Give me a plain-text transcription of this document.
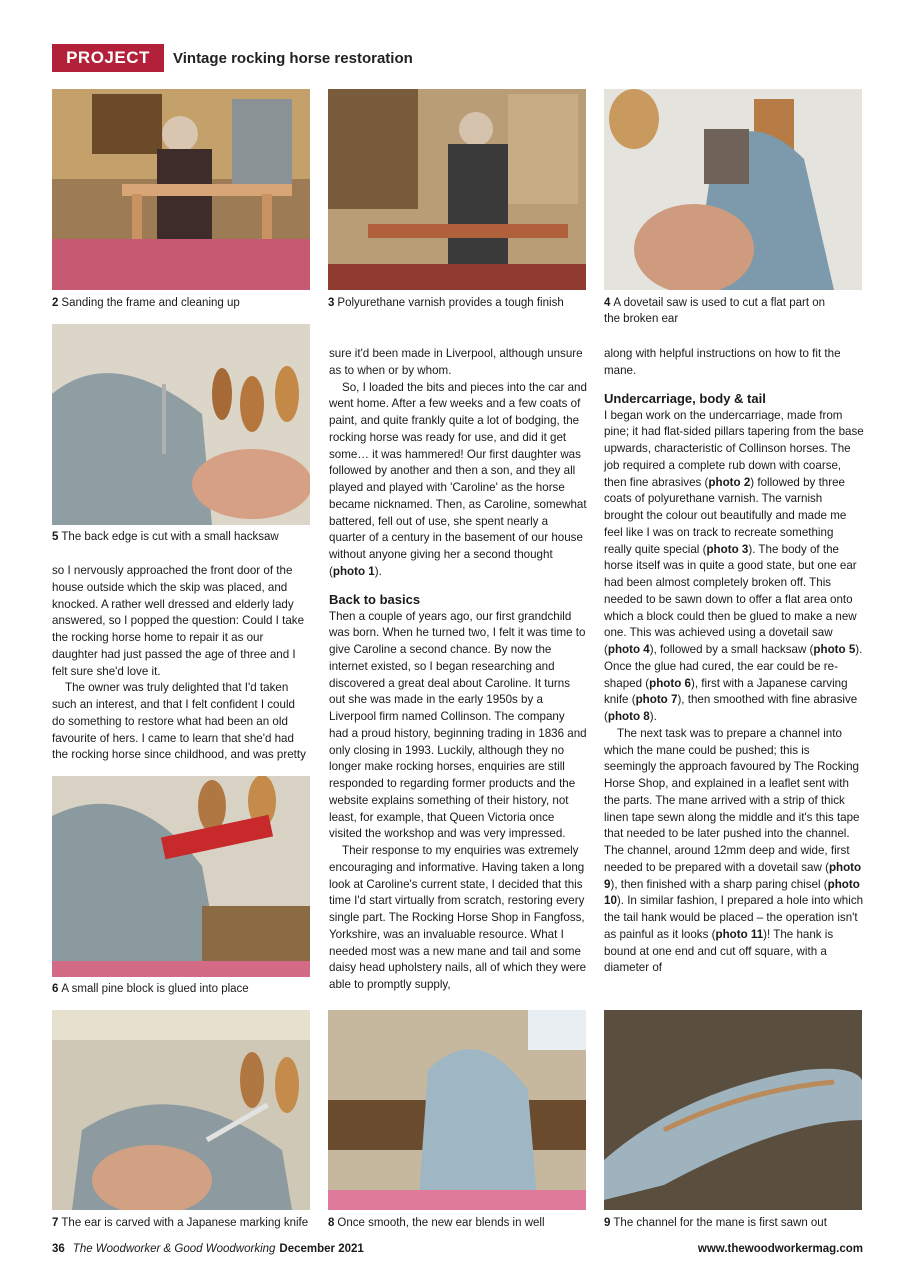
PROJECT	Vintage rocking horse restoration
2 Sanding the frame and cleaning up	3 Polyurethane varnish provides a tough finish	4 A dovetail saw is used to cut a flat part on the broken ear
5 The back edge is cut with a small hacksaw

so I nervously approached the front door of the house outside which the skip was placed, and knocked. A rather well dressed and elderly lady answered, so I popped the question: Could I take the rocking horse home to repair it as our daughter had just passed the age of three and I felt sure she'd love it.

The owner was truly delighted that I'd taken such an interest, and that I felt confident I could do something to restore what had been an old favourite of hers. I came to learn that she'd had the rocking horse since childhood, and was pretty

6 A small pine block is glued into place

sure it'd been made in Liverpool, although unsure as to when or by whom.

So, I loaded the bits and pieces into the car and went home. After a few weeks and a few coats of paint, and quite frankly quite a lot of bodging, the rocking horse was ready for use, and did it get some… it was hammered! Our first daughter was followed by another and then a son, and they all played and played with 'Caroline' as the horse became nicknamed. Then, as Caroline, somewhat battered, fell out of use, she spent nearly a quarter of a century in the basement of our house without anyone giving her a second thought (photo 1).

Back to basics

Then a couple of years ago, our first grandchild was born. When he turned two, I felt it was time to give Caroline a second chance. By now the internet existed, so I began researching and discovered a great deal about Caroline. It turns out she was made in the early 1950s by a Liverpool firm named Collinson. The company had a proud history, beginning trading in 1836 and only closing in 1993. Luckily, although they no longer make rocking horses, enquiries are still responded to regarding former products and the website explains something of their history, not least, for example, that Queen Victoria once visited the workshop and was very impressed.

Their response to my enquiries was extremely encouraging and informative. Having taken a long look at Caroline's current state, I decided that this time I'd start virtually from scratch, restoring every single part. The Rocking Horse Shop in Fangfoss, Yorkshire, was an invaluable resource. What I needed most was a new mane and tail and some daisy head upholstery nails, all of which they were able to promptly supply,

along with helpful instructions on how to fit the mane.

Undercarriage, body & tail

I began work on the undercarriage, made from pine; it had flat-sided pillars tapering from the base upwards, characteristic of Collinson horses. The job required a complete rub down with coarse, then fine abrasives (photo 2) followed by three coats of polyurethane varnish. The varnish brought the colour out beautifully and made me feel like I was on track to recreate something really quite special (photo 3). The body of the horse itself was in quite a good state, but one ear had been almost completely broken off. This needed to be sawn down to offer a flat area onto which a block could then be glued to make a new one. This was achieved using a dovetail saw (photo 4), followed by a small hacksaw (photo 5). Once the glue had cured, the ear could be re-shaped (photo 6), first with a Japanese carving knife (photo 7), then smoothed with fine abrasive (photo 8).

The next task was to prepare a channel into which the mane could be pushed; this is seemingly the approach favoured by The Rocking Horse Shop, and explained in a leaflet sent with the parts. The mane arrived with a strip of thick linen tape sewn along the middle and it's this tape that needed to be later pushed into the channel. The channel, around 12mm deep and wide, first needed to be prepared with a dovetail saw (photo 9), then finished with a sharp paring chisel (photo 10). In similar fashion, I prepared a hole into which the tail hank would be placed – the operation isn't as painful as it looks (photo 11)! The hank is bound at one end and cut off square, with a diameter of

7 The ear is carved with a Japanese marking knife 8 Once smooth, the new ear blends in well	9 The channel for the mane is first sawn out
36 The Woodworker & Good Woodworking December 2021	www.thewoodworkermag.com
